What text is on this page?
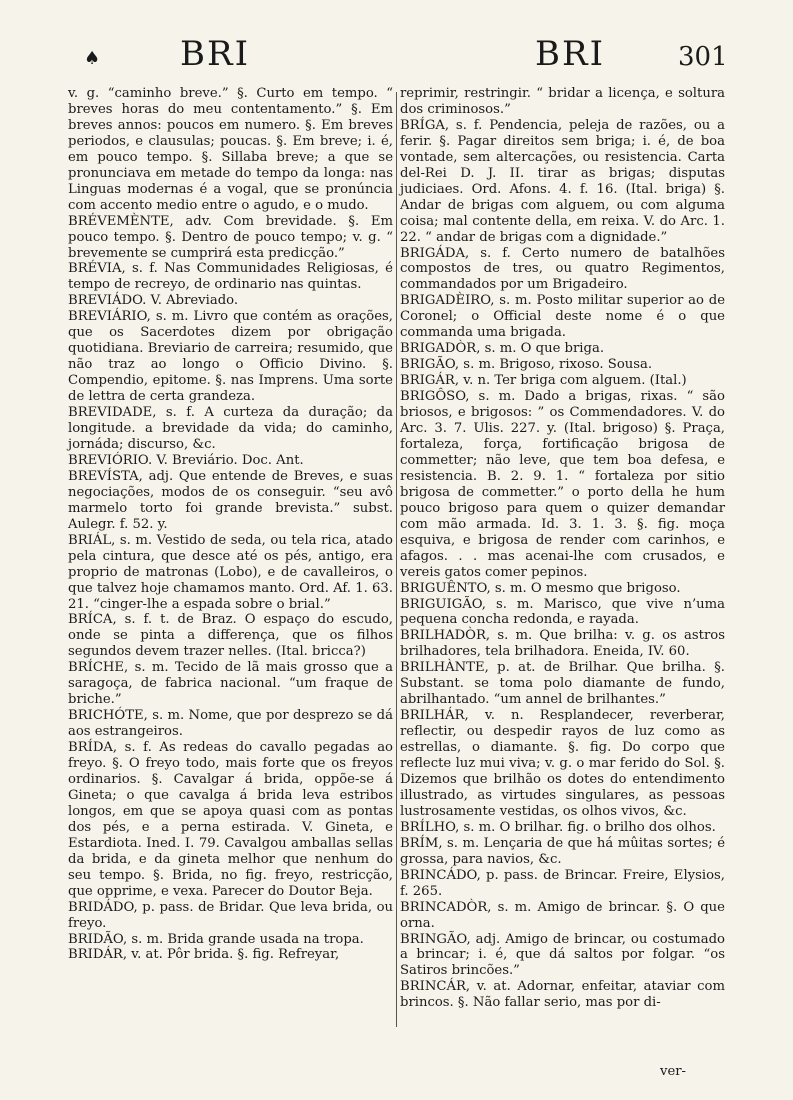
♠ BRI	BRI	301

v. g. “caminho breve.” §. Curto em tempo. “ breves horas do meu contentamento.” §. Em breves annos: poucos em numero. §. Em breves periodos, e clausulas; poucas. §. Em breve; i. é, em pouco tempo. §. Sillaba breve; a que se pronunciava em metade do tempo da longa: nas Linguas modernas é a vogal, que se pronúncia com accento medio entre o agudo, e o mudo.

BRÉVEMÈNTE, adv. Com brevidade. §. Em pouco tempo. §. Dentro de pouco tempo; v. g. “ brevemente se cumprirá esta predicção.”

BRÉVIA, s. f. Nas Communidades Religiosas, é tempo de recreyo, de ordinario nas quintas.

BREVIÁDO. V. Abreviado.

BREVIÁRIO, s. m. Livro que contém as orações, que os Sacerdotes dizem por obrigação quotidiana. Breviario de carreira; resumido, que não traz ao longo o Officio Divino. §. Compendio, epitome. §. nas Imprens. Uma sorte de lettra de certa grandeza.

BREVIDADE, s. f. A curteza da duração; da longitude. a brevidade da vida; do caminho, jornáda; discurso, &c.

BREVIÓRIO. V. Breviário. Doc. Ant.

BREVÍSTA, adj. Que entende de Breves, e suas negociações, modos de os conseguir. “seu avô marmelo torto foi grande brevista.” subst. Aulegr. f. 52. y.

BRIÁL, s. m. Vestido de seda, ou tela rica, atado pela cintura, que desce até os pés, antigo, era proprio de matronas (Lobo), e de cavalleiros, o que talvez hoje chamamos manto. Ord. Af. 1. 63. 21. “cinger-lhe a espada sobre o brial.”

BRÍCA, s. f. t. de Braz. O espaço do escudo, onde se pinta a differença, que os filhos segundos devem trazer nelles. (Ital. bricca?)

BRÍCHE, s. m. Tecido de lã mais grosso que a saragoça, de fabrica nacional. “um fraque de briche.”

BRICHÓTE, s. m. Nome, que por desprezo se dá aos estrangeiros.

BRÍDA, s. f. As redeas do cavallo pegadas ao freyo. §. O freyo todo, mais forte que os freyos ordinarios. §. Cavalgar á brida, oppõe-se á Gineta; o que cavalga á brida leva estribos longos, em que se apoya quasi com as pontas dos pés, e a perna estirada. V. Gineta, e Estardiota. Ined. I. 79. Cavalgou amballas sellas da brida, e da gineta melhor que nenhum do seu tempo. §. Brida, no fig. freyo, restricção, que opprime, e vexa. Parecer do Doutor Beja.

BRIDÁDO, p. pass. de Bridar. Que leva brida, ou freyo.

BRIDÃO, s. m. Brida grande usada na tropa.

BRIDÁR, v. at. Pôr brida. §. fig. Refreyar,

reprimir, restringir. “ bridar a licença, e soltura dos criminosos.”

BRÍGA, s. f. Pendencia, peleja de razões, ou a ferir. §. Pagar direitos sem briga; i. é, de boa vontade, sem altercações, ou resistencia. Carta del-Rei D. J. II. tirar as brigas; disputas judiciaes. Ord. Afons. 4. f. 16. (Ital. briga) §. Andar de brigas com alguem, ou com alguma coisa; mal contente della, em reixa. V. do Arc. 1. 22. “ andar de brigas com a dignidade.”

BRIGÁDA, s. f. Certo numero de batalhões compostos de tres, ou quatro Regimentos, commandados por um Brigadeiro.

BRIGADÈIRO, s. m. Posto militar superior ao de Coronel; o Official deste nome é o que commanda uma brigada.

BRIGADÒR, s. m. O que briga.

BRIGÃO, s. m. Brigoso, rixoso. Sousa.

BRIGÁR, v. n. Ter briga com alguem. (Ital.)

BRIGÔSO, s. m. Dado a brigas, rixas. “ são briosos, e brigosos: ” os Commendadores. V. do Arc. 3. 7. Ulis. 227. y. (Ital. brigoso) §. Praça, fortaleza, força, fortificação brigosa de commetter; não leve, que tem boa defesa, e resistencia. B. 2. 9. 1. “ fortaleza por sitio brigosa de commetter.” o porto della he hum pouco brigoso para quem o quizer demandar com mão armada. Id. 3. 1. 3. §. fig. moça esquiva, e brigosa de render com carinhos, e afagos. . . mas acenai-lhe com crusados, e vereis gatos comer pepinos.

BRIGUÊNTO, s. m. O mesmo que brigoso.

BRIGUIGÃO, s. m. Marisco, que vive n’uma pequena concha redonda, e rayada.

BRILHADÒR, s. m. Que brilha: v. g. os astros brilhadores, tela brilhadora. Eneida, IV. 60.

BRILHÀNTE, p. at. de Brilhar. Que brilha. §. Substant. se toma polo diamante de fundo, abrilhantado. “um annel de brilhantes.”

BRILHÁR, v. n. Resplandecer, reverberar, reflectir, ou despedir rayos de luz como as estrellas, o diamante. §. fig. Do corpo que reflecte luz mui viva; v. g. o mar ferido do Sol. §. Dizemos que brilhão os dotes do entendimento illustrado, as virtudes singulares, as pessoas lustrosamente vestidas, os olhos vivos, &c.

BRÍLHO, s. m. O brilhar. fig. o brilho dos olhos.

BRÍM, s. m. Lençaria de que há mûitas sortes; é grossa, para navios, &c.

BRINCÁDO, p. pass. de Brincar. Freire, Elysios, f. 265.

BRINCADÒR, s. m. Amigo de brincar. §. O que orna.

BRINGÃO, adj. Amigo de brincar, ou costumado a brincar; i. é, que dá saltos por folgar. “os Satiros brincões.”

BRINCÁR, v. at. Adornar, enfeitar, ataviar com brincos. §. Não fallar serio, mas por di-

ver-
